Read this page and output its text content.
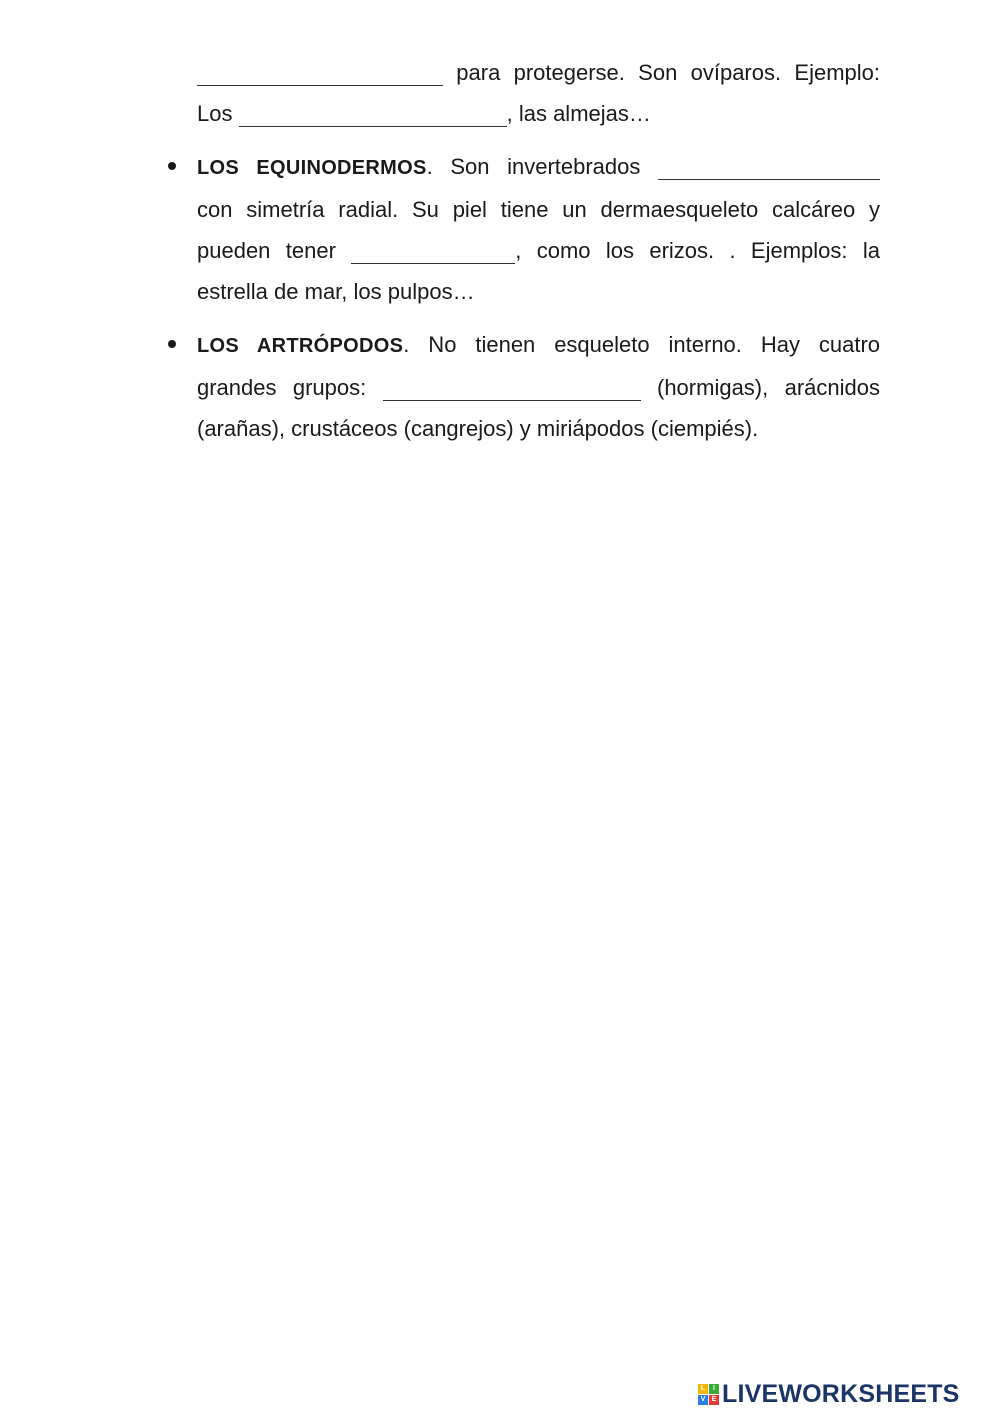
para protegerse. Son ovíparos. Ejemplo:

Los	, las almejas…

LOS EQUINODERMOS. Son invertebrados

con simetría radial. Su piel tiene un dermaesqueleto calcáreo y

pueden tener	, como los erizos. . Ejemplos: la

estrella de mar, los pulpos…

LOS ARTRÓPODOS. No tienen esqueleto interno. Hay cuatro

grandes grupos:	(hormigas), arácnidos

(arañas), crustáceos (cangrejos) y miriápodos (ciempiés).

L	I
V E LIVEWORKSHEETS
